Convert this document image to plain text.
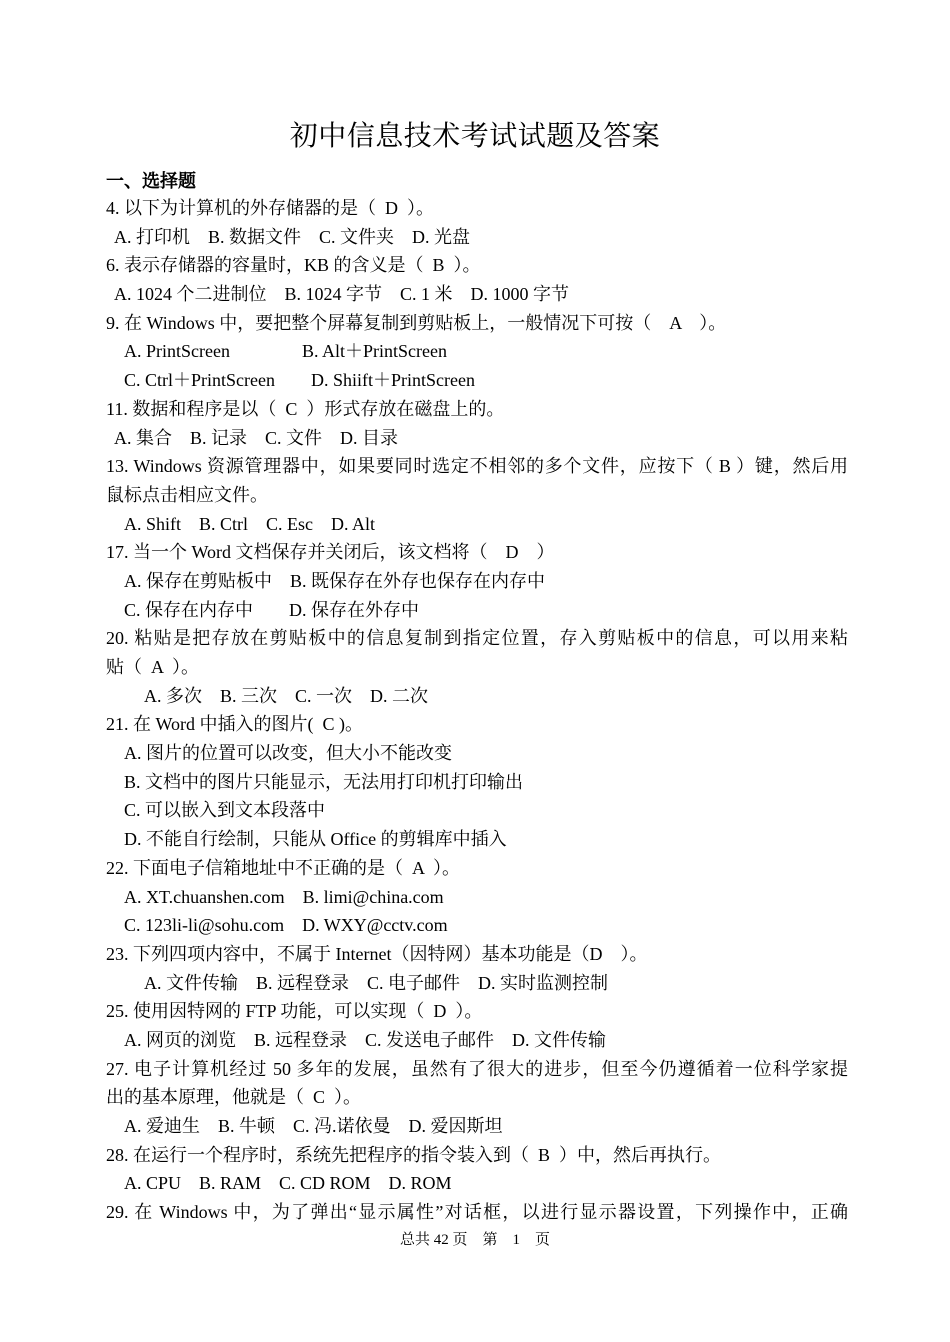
初中信息技术考试试题及答案
一、选择题
4. 以下为计算机的外存储器的是（  D  ）。
A. 打印机    B. 数据文件    C. 文件夹    D. 光盘
6. 表示存储器的容量时，KB 的含义是（  B  ）。
A. 1024 个二进制位    B. 1024 字节    C. 1 米    D. 1000 字节
9. 在 Windows 中，要把整个屏幕复制到剪贴板上，一般情况下可按（    A    ）。
A. PrintScreen                B. Alt＋PrintScreen
C. Ctrl＋PrintScreen        D. Shiift＋PrintScreen
11. 数据和程序是以（  C  ）形式存放在磁盘上的。
A. 集合    B. 记录    C. 文件    D. 目录
13. Windows 资源管理器中，如果要同时选定不相邻的多个文件，应按下（ B ）键，然后用
鼠标点击相应文件。
A. Shift    B. Ctrl    C. Esc    D. Alt
17. 当一个 Word 文档保存并关闭后，该文档将（    D    ）
A. 保存在剪贴板中    B. 既保存在外存也保存在内存中
C. 保存在内存中        D. 保存在外存中
20. 粘贴是把存放在剪贴板中的信息复制到指定位置，存入剪贴板中的信息，可以用来粘
贴（  A  ）。
A. 多次    B. 三次    C. 一次    D. 二次
21. 在 Word 中插入的图片(  C )。
A. 图片的位置可以改变，但大小不能改变
B. 文档中的图片只能显示，无法用打印机打印输出
C. 可以嵌入到文本段落中
D. 不能自行绘制，只能从 Office 的剪辑库中插入
22. 下面电子信箱地址中不正确的是（  A  ）。
A. XT.chuanshen.com    B. limi@china.com
C. 123li-li@sohu.com    D. WXY@cctv.com
23. 下列四项内容中，不属于 Internet（因特网）基本功能是（D    ）。
A. 文件传输    B. 远程登录    C. 电子邮件    D. 实时监测控制
25. 使用因特网的 FTP 功能，可以实现（  D  ）。
A. 网页的浏览    B. 远程登录    C. 发送电子邮件    D. 文件传输
27. 电子计算机经过 50 多年的发展，虽然有了很大的进步，但至今仍遵循着一位科学家提
出的基本原理，他就是（  C  ）。
A. 爱迪生    B. 牛顿    C. 冯.诺依曼    D. 爱因斯坦
28. 在运行一个程序时，系统先把程序的指令装入到（  B  ）中，然后再执行。
A. CPU    B. RAM    C. CD ROM    D. ROM
29. 在 Windows 中，为了弹出“显示属性”对话框，以进行显示器设置，下列操作中，正确
总共 42 页    第    1    页
